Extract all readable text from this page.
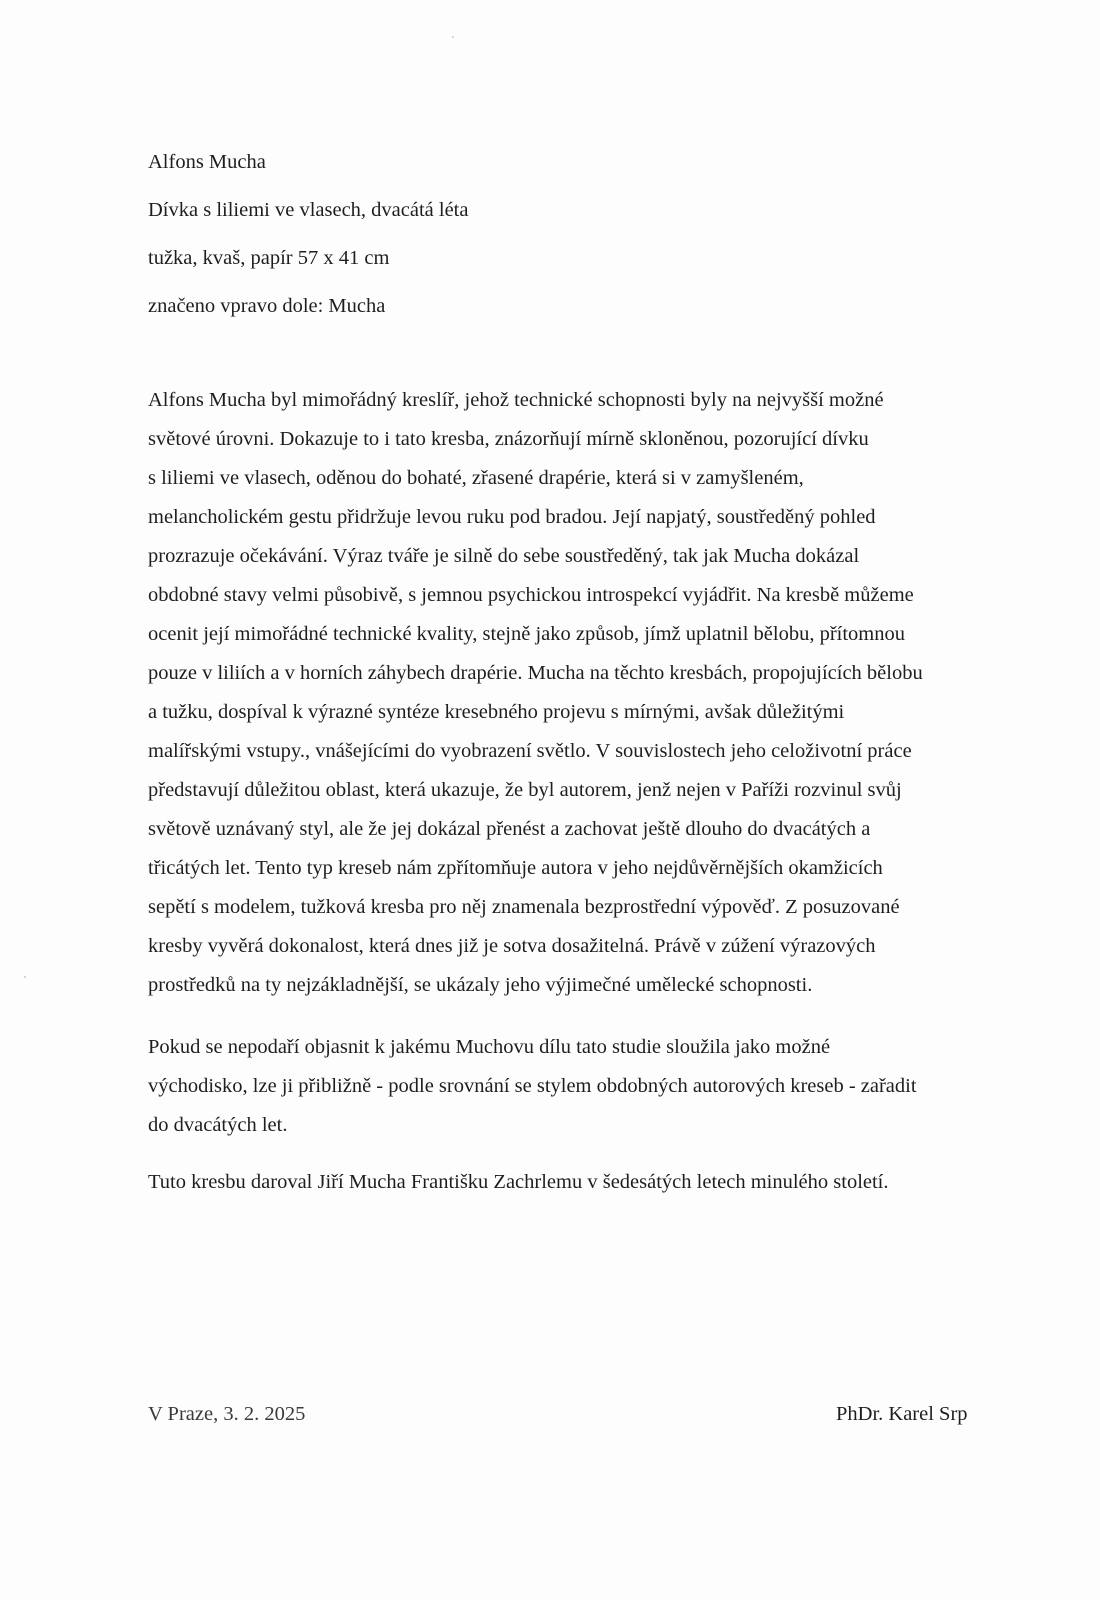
Alfons Mucha
Dívka s liliemi ve vlasech, dvacátá léta
tužka, kvaš, papír 57 x 41 cm
značeno vpravo dole: Mucha
Alfons Mucha byl mimořádný kreslíř, jehož technické schopnosti byly na nejvyšší možné
světové úrovni. Dokazuje to i tato kresba, znázorňují mírně skloněnou, pozorující dívku
s liliemi ve vlasech, oděnou do bohaté, zřasené drapérie, která si v zamyšleném,
melancholickém gestu přidržuje levou ruku pod bradou. Její napjatý, soustředěný pohled
prozrazuje očekávání. Výraz tváře je silně do sebe soustředěný, tak jak Mucha dokázal
obdobné stavy velmi působivě, s jemnou psychickou introspekcí vyjádřit. Na kresbě můžeme
ocenit její mimořádné technické kvality, stejně jako způsob, jímž uplatnil bělobu, přítomnou
pouze v liliích a v horních záhybech drapérie. Mucha na těchto kresbách, propojujících bělobu
a tužku, dospíval k výrazné syntéze kresebného projevu s mírnými, avšak důležitými
malířskými vstupy., vnášejícími do vyobrazení světlo. V souvislostech jeho celoživotní práce
představují důležitou oblast, která ukazuje, že byl autorem, jenž nejen v Paříži rozvinul svůj
světově uznávaný styl, ale že jej dokázal přenést a zachovat ještě dlouho do dvacátých a
třicátých let. Tento typ kreseb nám zpřítomňuje autora v jeho nejdůvěrnějších okamžicích
sepětí s modelem, tužková kresba pro něj znamenala bezprostřední výpověď. Z posuzované
kresby vyvěrá dokonalost, která dnes již je sotva dosažitelná. Právě v zúžení výrazových
prostředků na ty nejzákladnější, se ukázaly jeho výjimečné umělecké schopnosti.
Pokud se nepodaří objasnit k jakému Muchovu dílu tato studie sloužila jako možné
východisko, lze ji přibližně - podle srovnání se stylem obdobných autorových kreseb - zařadit
do dvacátých let.
Tuto kresbu daroval Jiří Mucha Františku Zachrlemu v šedesátých letech minulého století.
V Praze, 3. 2. 2025	PhDr. Karel Srp
